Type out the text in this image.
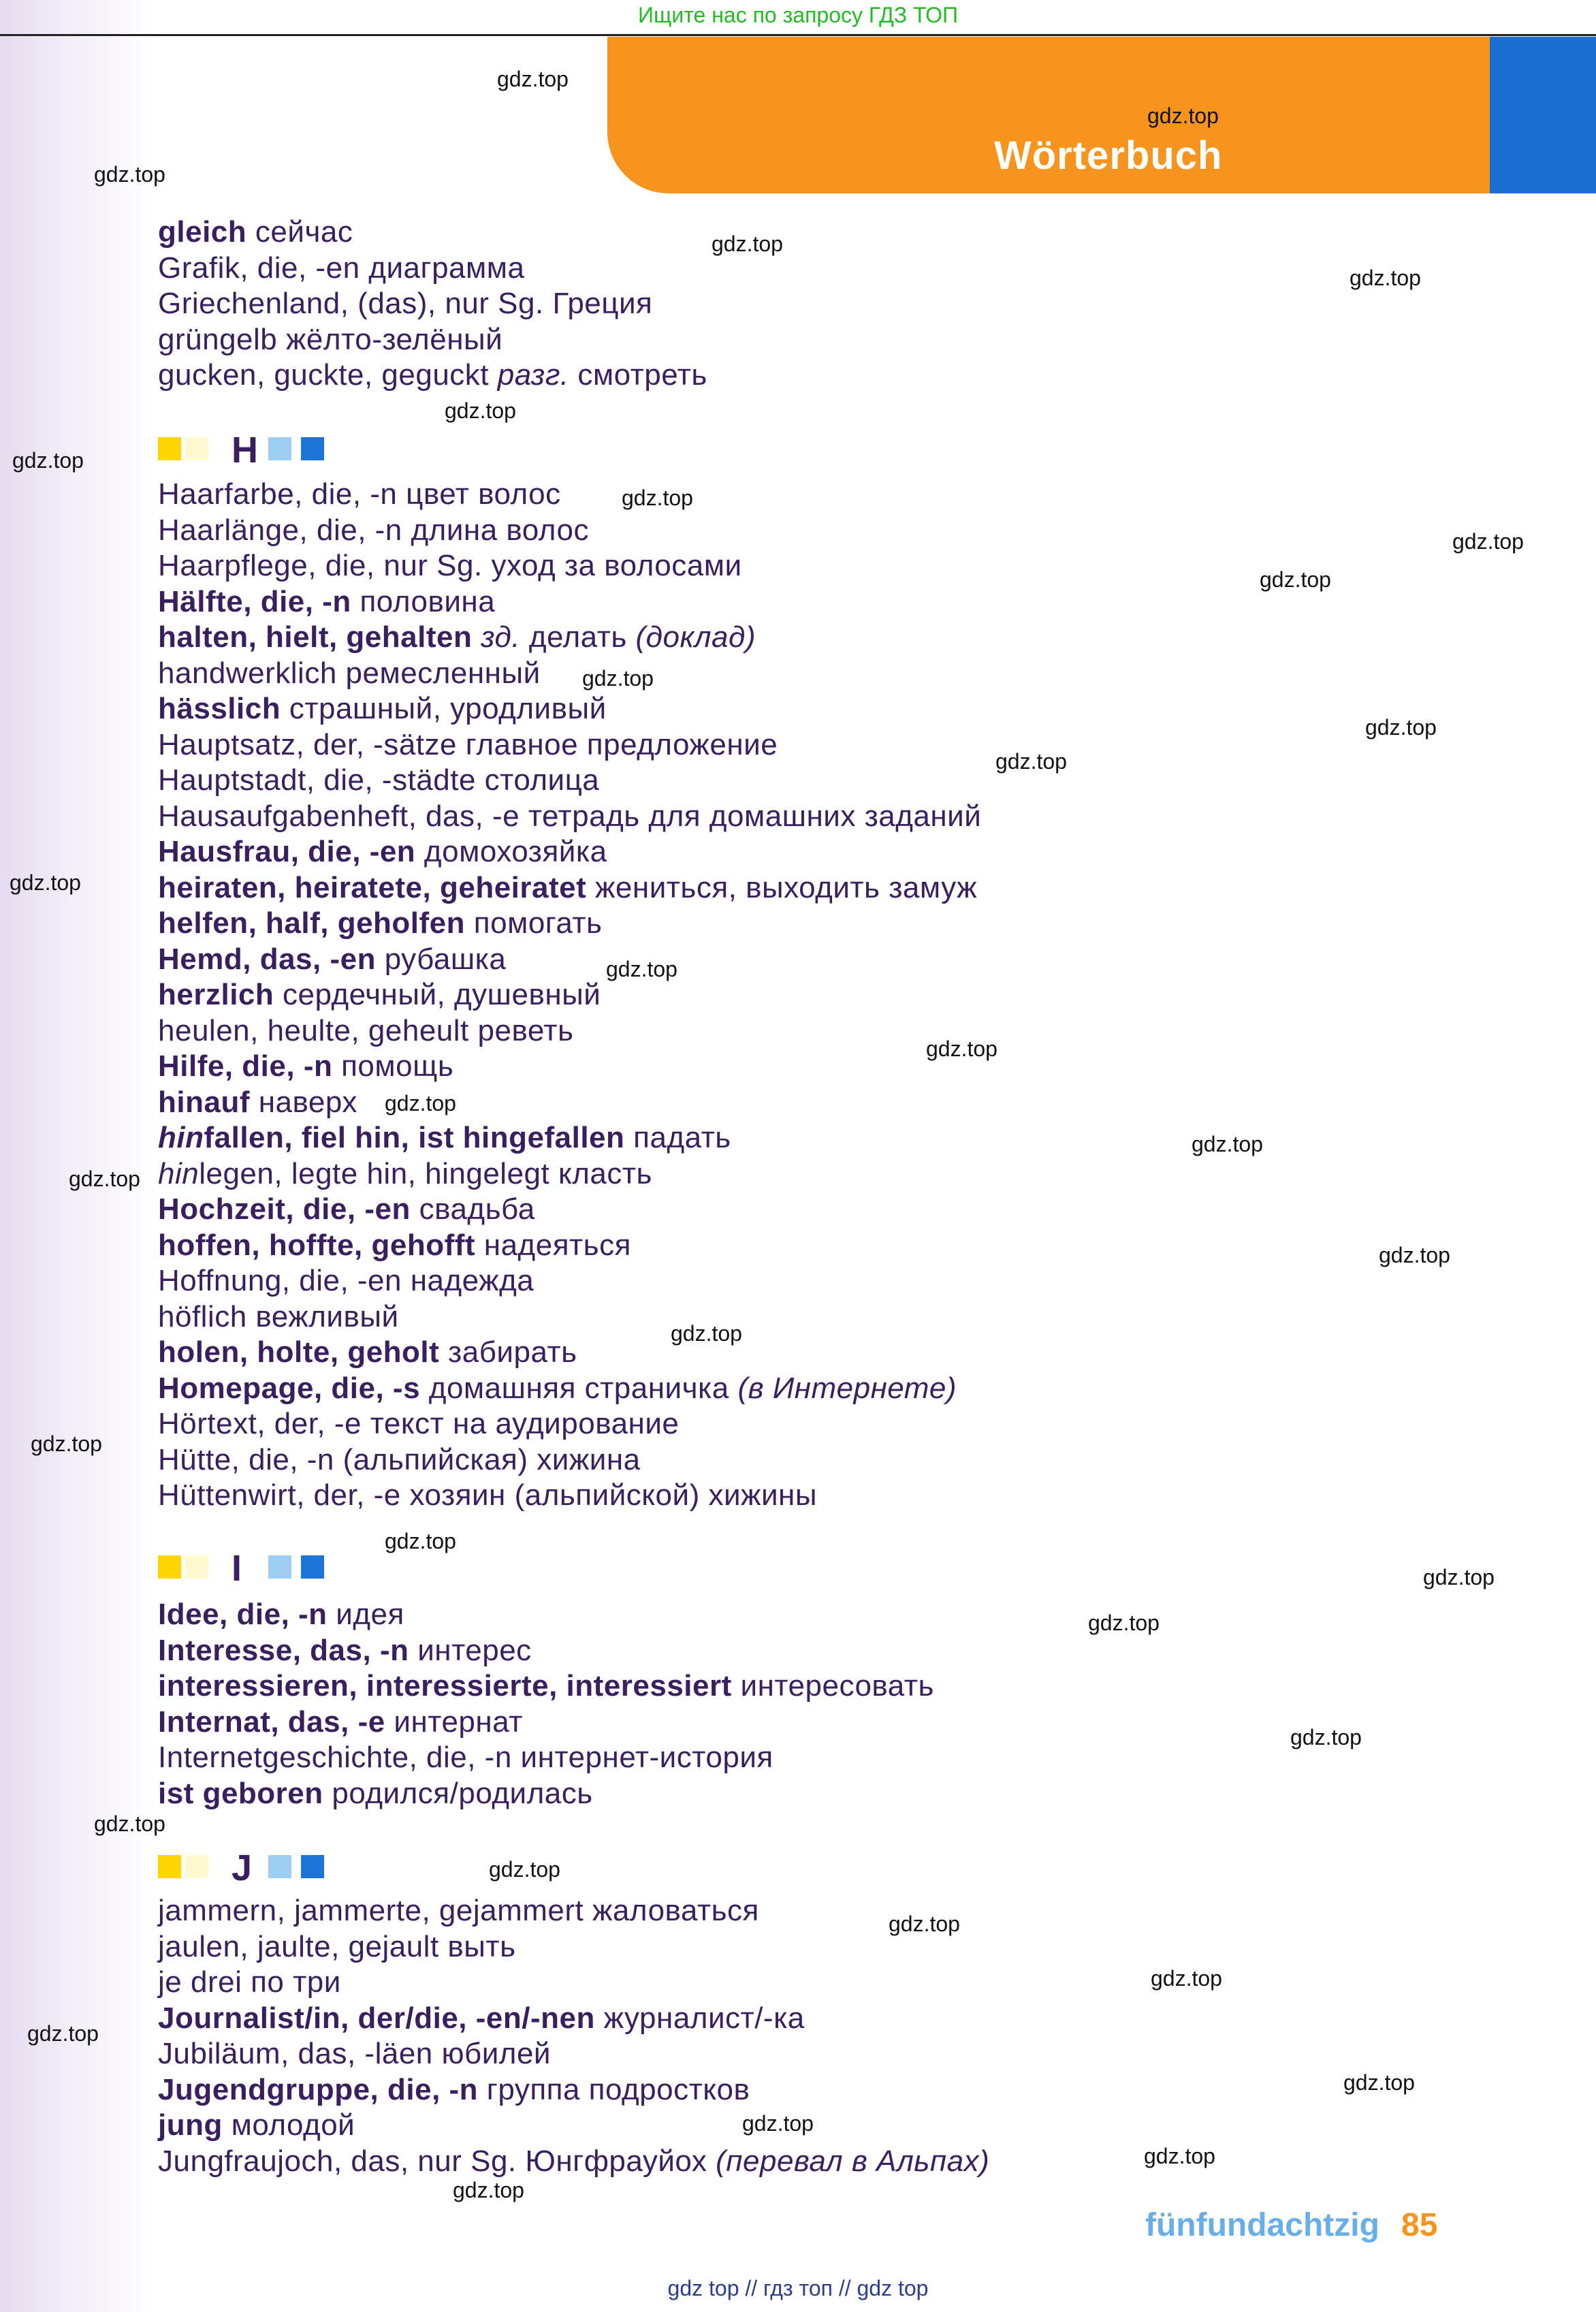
Ищите нас по запросу ГДЗ ТОП
Wörterbuch
gleich сейчас
Grafik, die, -en диаграмма
Griechenland, (das), nur Sg. Греция
grüngelb жёлто-зелёный
gucken, guckte, geguckt разг. смотреть
H
Haarfarbe, die, -n цвет волос
Haarlänge, die, -n длина волос
Haarpflege, die, nur Sg. уход за волосами
Hälfte, die, -n половина
halten, hielt, gehalten зд. делать (доклад)
handwerklich ремесленный
hässlich страшный, уродливый
Hauptsatz, der, -sätze главное предложение
Hauptstadt, die, -städte столица
Hausaufgabenheft, das, -e тетрадь для домашних заданий
Hausfrau, die, -en домохозяйка
heiraten, heiratete, geheiratet жениться, выходить замуж
helfen, half, geholfen помогать
Hemd, das, -en рубашка
herzlich сердечный, душевный
heulen, heulte, geheult реветь
Hilfe, die, -n помощь
hinauf наверх
hinfallen, fiel hin, ist hingefallen падать
hinlegen, legte hin, hingelegt класть
Hochzeit, die, -en свадьба
hoffen, hoffte, gehofft надеяться
Hoffnung, die, -en надежда
höflich вежливый
holen, holte, geholt забирать
Homepage, die, -s домашняя страничка (в Интернете)
Hörtext, der, -e текст на аудирование
Hütte, die, -n (альпийская) хижина
Hüttenwirt, der, -e хозяин (альпийской) хижины
I
Idee, die, -n идея
Interesse, das, -n интерес
interessieren, interessierte, interessiert интересовать
Internat, das, -e интернат
Internetgeschichte, die, -n интернет-история
ist geboren родился/родилась
J
jammern, jammerte, gejammert жаловаться
jaulen, jaulte, gejault выть
je drei по три
Journalist/in, der/die, -en/-nen журналист/-ка
Jubiläum, das, -läen юбилей
Jugendgruppe, die, -n группа подростков
jung молодой
Jungfraujoch, das, nur Sg. Юнгфрауйох (перевал в Альпах)
gdz.top
gdz.top
gdz.top
gdz.top
gdz.top
gdz.top
gdz.top
gdz.top
gdz.top
gdz.top
gdz.top
gdz.top
gdz.top
gdz.top
gdz.top
gdz.top
gdz.top
gdz.top
gdz.top
gdz.top
gdz.top
gdz.top
gdz.top
gdz.top
gdz.top
gdz.top
gdz.top
gdz.top
gdz.top
gdz.top
gdz.top
gdz.top
gdz.top
gdz.top
gdz.top
fünfundachtzig 85
gdz top // гдз топ // gdz top
